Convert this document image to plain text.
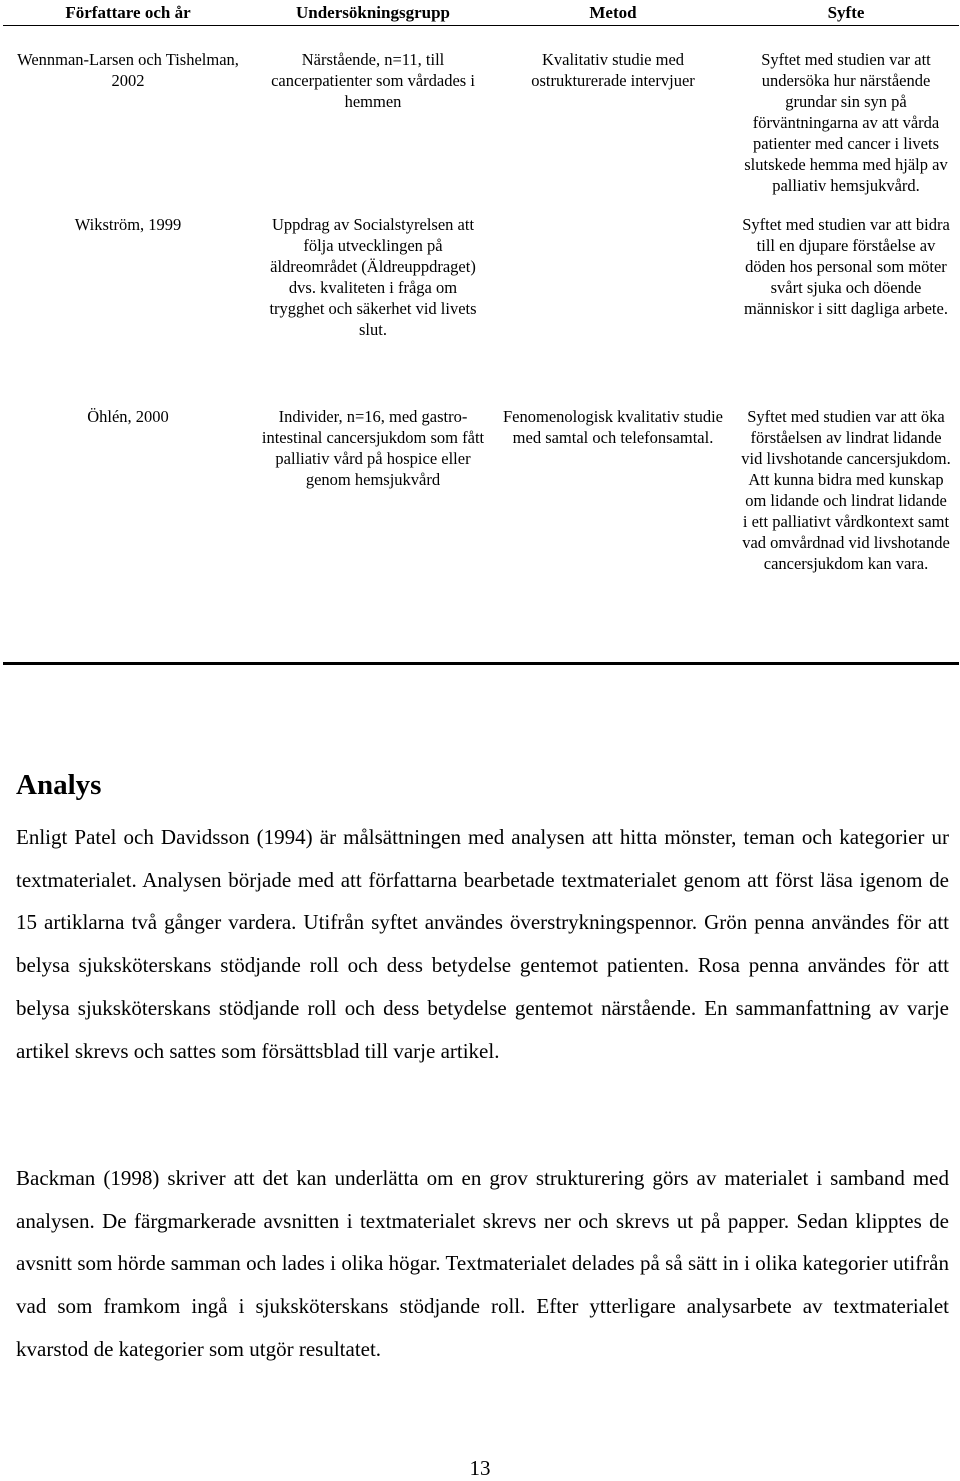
Författare och år	Undersökningsgrupp	Metod	Syfte
Wennman-Larsen och Tishelman, 2002	Närstående, n=11, till cancerpatienter som vårdades i hemmen	Kvalitativ studie med ostrukturerade intervjuer	Syftet med studien var att undersöka hur närstående grundar sin syn på förväntningarna av att vårda patienter med cancer i livets slutskede hemma med hjälp av palliativ hemsjukvård.
Wikström, 1999	Uppdrag av Socialstyrelsen att följa utvecklingen på äldreområdet (Äldreuppdraget) dvs. kvaliteten i fråga om trygghet och säkerhet vid livets slut.		Syftet med studien var att bidra till en djupare förståelse av döden hos personal som möter svårt sjuka och döende människor i sitt dagliga arbete.
Öhlén, 2000	Individer, n=16, med gastro-intestinal cancersjukdom som fått palliativ vård på hospice eller genom hemsjukvård	Fenomenologisk kvalitativ studie med samtal och telefonsamtal.	Syftet med studien var att öka förståelsen av lindrat lidande vid livshotande cancersjukdom. Att kunna bidra med kunskap om lidande och lindrat lidande i ett palliativt vårdkontext samt vad omvårdnad vid livshotande cancersjukdom kan vara.
Analys

Enligt Patel och Davidsson (1994) är målsättningen med analysen att hitta mönster, teman och kategorier ur textmaterialet. Analysen började med att författarna bearbetade textmaterialet genom att först läsa igenom de 15 artiklarna två gånger vardera. Utifrån syftet användes överstrykningspennor. Grön penna användes för att belysa sjuksköterskans stödjande roll och dess betydelse gentemot patienten. Rosa penna användes för att belysa sjuksköterskans stödjande roll och dess betydelse gentemot närstående. En sammanfattning av varje artikel skrevs och sattes som försättsblad till varje artikel.

Backman (1998) skriver att det kan underlätta om en grov strukturering görs av materialet i samband med analysen. De färgmarkerade avsnitten i textmaterialet skrevs ner och skrevs ut på papper. Sedan klipptes de avsnitt som hörde samman och lades i olika högar. Textmaterialet delades på så sätt in i olika kategorier utifrån vad som framkom ingå i sjuksköterskans stödjande roll. Efter ytterligare analysarbete av textmaterialet kvarstod de kategorier som utgör resultatet.

13
